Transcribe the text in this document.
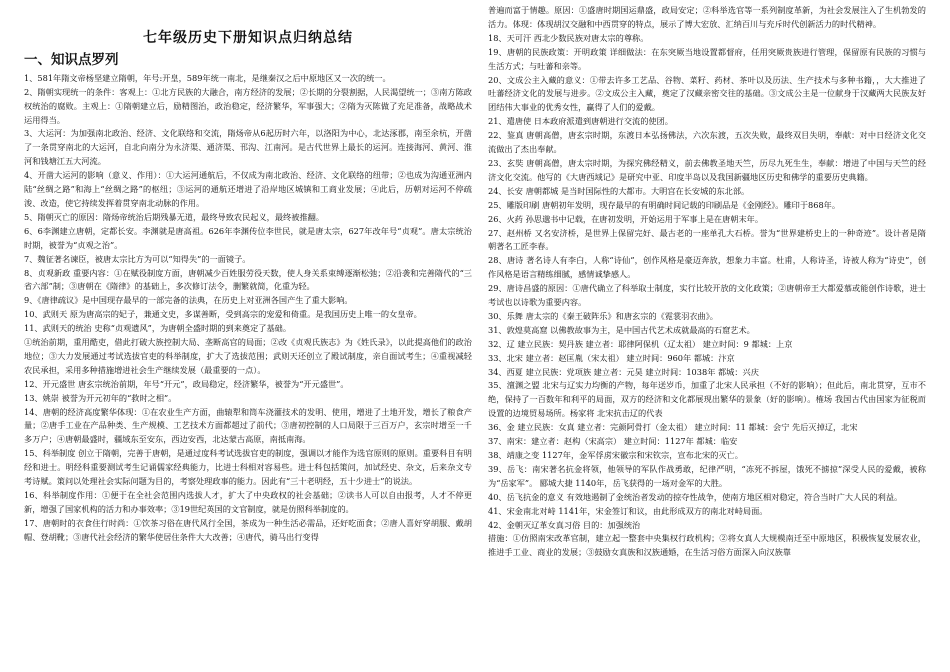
七年级历史下册知识点归纳总结
一、知识点罗列

1、581年隋文帝杨坚建立隋朝，年号:开皇，589年统一南北，是继秦汉之后中原地区又一次的统一。

2、隋朝实现统一的条件：客观上：①北方民族的大融合，南方经济的发展；②长期的分裂割据，人民渴望统一；③南方陈政权统治的腐败。主观上：①隋朝建立后，励精图治，政治稳定，经济繁华，军事强大；②隋为灭陈做了充足准备，战略战术运用得当。

3、大运河：为加强南北政治、经济、文化联络和交流，隋炀帝从6起历时六年，以洛阳为中心，北达涿郡，南至余杭，开凿了一条贯穿南北的大运河，自北向南分为永济渠、通济渠、邗沟、江南河。是古代世界上最长的运河。连接海河、黄河、淮河和钱塘江五大河流。

4、开凿大运河的影响（意义、作用）：①大运河通航后，不仅成为南北政治、经济、文化联络的纽带；②也成为沟通亚洲内陆“丝绸之路”和海上“丝绸之路”的枢纽；③运河的通航还增进了沿岸地区城镇和工商业发展；④此后，历朝对运河不停疏浚、改造，使它持续发挥着贯穿南北动脉的作用。

5、隋朝灭亡的原因：隋炀帝统治后期残暴无道，最终导致农民起义，最终被推翻。

6、6李渊建立唐朝，定都长安。李渊就是唐高祖。626年李渊传位李世民，就是唐太宗，627年改年号“贞观”。唐太宗统治时期，被誉为“贞观之治”。

7、魏征著名谏臣，被唐太宗比方为可以“知得失”的一面镜子。

8、贞观新政 重要内容：①在赋役制度方面，唐朝减少百姓服劳役天数，使人身关系束缚逐渐松弛；②沿袭和完善隋代的“三省六部”制；③唐朝在《隋律》的基础上，多次修订法令，删繁就简，化重为轻。

9、《唐律疏议》是中国现存最早的一部完备的法典，在历史上对亚洲各国产生了重大影响。

10、武则天 原为唐高宗的妃子，兼通文史，多谋善断，受到高宗的宠爱和倚重。是我国历史上唯一的女皇帝。

11、武则天的统治 史称“贞观遗风”，为唐朝全盛时期的到来奠定了基础。

①统治前期，重用酷吏，借此打破大族控制大局、垄断高官的局面；②改《贞观氏族志》为《姓氏录》，以此提高他们的政治地位；③大力发展通过考试选拔官吏的科举制度，扩大了选拔范围；武则天还创立了殿试制度，亲自面试考生；④重视减轻农民承担，采用多种措施增进社会生产继续发展（最重要的一点）。

12、开元盛世 唐玄宗统治前期，年号“开元”，政局稳定，经济繁华，被誉为“开元盛世”。

13、姚崇 被誉为开元初年的“救时之相”。

14、唐朝的经济高度繁华体现：①在农业生产方面，曲辕犁和筒车浇灌技术的发明、使用，增进了土地开发，增长了粮食产量；②唐手工业在产品种类、生产规模、工艺技术方面都超过了前代；③唐初控制的人口局限于三百万户，玄宗时增至一千多万户；④唐朝最盛时，疆域东至安东，西边安西，北达蒙古高原，南抵南海。

15、科举制度 创立于隋朝，完善于唐朝，是通过度科考试选拔官吏的制度，强调以才能作为选官原则的原则。重要科目有明经和进士。明经科重要测试考生记诵儒家经典能力，比进士科相对容易些。进士科包括策问，加试经史、杂文，后来杂文专考诗赋。策问以处理社会实际问题为目的，考察处理政事的能力。因此有“三十老明经，五十少进士”的说法。

16、科举制度作用：①便于在全社会范围内选拔人才，扩大了中央政权的社会基础；②读书人可以自由报考，人才不停更新，增强了国家机构的活力和办事效率；③19世纪英国的文官制度，就是仿照科举制度的。

17、唐朝时的衣食住行时尚：①饮茶习俗在唐代风行全国，茶成为一种生活必需品，还好吃面食；②唐人喜好穿胡服、戴胡帽、登胡靴；③唐代社会经济的繁华使居住条件大大改善；④唐代，骑马出行变得

普遍而富于情趣。原因：①盛唐时期国运鼎盛，政局安定；②科举选官等一系列制度革新，为社会发展注入了生机勃发的活力。体现：体现胡汉交融和中西贯穿的特点，展示了博大宏放、汇纳百川与充斥时代创新活力的时代精神。

18、天可汗 西北少数民族对唐太宗的尊称。

19、唐朝的民族政策：开明政策 详细做法：在东突厥当地设置都督府，任用突厥贵族进行管理，保留原有民族的习惯与生活方式；与吐蕃和亲等。

20、文成公主入藏的意义：①带去许多工艺品、谷物、菜籽、药材、茶叶以及历法、生产技术与多种书籍，，大大推进了吐蕃经济文化的发展与进步。②文成公主入藏，奠定了汉藏亲密交往的基础。③文成公主是一位献身于汉藏两大民族友好团结伟大事业的优秀女性，赢得了人们的爱戴。

21、遣唐使 日本政府派遣到唐朝进行交流的使团。

22、鉴真 唐朝高僧，唐玄宗时期，东渡日本弘扬佛法，六次东渡，五次失败，最终双目失明，奉献：对中日经济文化交流做出了杰出奉献。

23、玄奘 唐朝高僧，唐太宗时期，为探究佛经精义，前去佛教圣地天竺，历尽九死生生，奉献：增进了中国与天竺的经济文化交流。他写的《大唐西域记》是研究中亚、印度半岛以及我国新疆地区历史和佛学的重要历史典籍。

24、长安 唐朝都城 是当时国际性的大都市。大明宫在长安城的东北部。

25、雕版印刷 唐朝初年发明，现存最早的有明确时间记载的印刷品是《金刚经》。雕印于868年。

26、火药 孙思邈书中记载，在唐初发明，开始运用于军事上是在唐朝末年。

27、赵州桥 又名安济桥，是世界上保留完好、最古老的一座单孔大石桥。誉为“世界建桥史上的一种奇迹”。设计者是隋朝著名工匠李春。

28、唐诗 著名诗人有李白，人称“诗仙”，创作风格是豪迈奔放，想象力丰富。杜甫，人称诗圣，诗被人称为“诗史”，创作风格是语言精练细腻，感情诚挚感人。

29、唐诗昌盛的原因：①唐代确立了科举取士制度，实行比较开放的文化政策；②唐朝帝王大都爱慕或能创作诗歌，进士考试也以诗歌为重要内容。

30、乐舞 唐太宗的《秦王破阵乐》和唐玄宗的《霓裳羽衣曲》。

31、敦煌莫高窟 以佛教故事为主，是中国古代艺术成就最高的石窟艺术。

32、辽 建立民族：契丹族 建立者：耶律阿保机（辽太祖） 建立时间：9 都城：上京

33、北宋 建立者：赵匡胤（宋太祖） 建立时间：960年 都城：汴京

34、西夏 建立民族：党项族 建立者：元昊 建立时间：1038年 都城：兴庆

35、澶渊之盟 北宋与辽实力均衡的产物，每年送岁币，加重了北宋人民承担（不好的影响）；但此后，南北贯穿，互市不绝，保持了一百数年和利平的局面，双方的经济和文化都展现出繁华的景象（好的影响）。榷场 我国古代由国家为征税而设置的边境贸易场所。杨家将 北宋抗击辽的代表

36、金 建立民族：女真 建立者：完颜阿骨打（金太祖） 建立时间：11 都城：会宁 先后灭掉辽，北宋

37、南宋：建立者：赵构（宋高宗） 建立时间：1127年 都城：临安

38、靖康之变 1127年，金军俘虏宋徽宗和宋钦宗，宣布北宋的灭亡。

39、岳飞：南宋著名抗金将领，他领导的军队作战勇敢，纪律严明，“冻死不拆屋，饿死不掳掠”深受人民的爱戴，被称为“岳家军”。 郾城大捷 1140年，岳飞获得的一场对金军的大胜。

40、岳飞抗金的意义 有效地遏制了金统治者发动的掠夺性战争，使南方地区相对稳定，符合当时广大人民的利益。

41、宋金南北对峙 1141年，宋金签订和议，由此形成双方的南北对峙局面。

42、金朝灭辽革女真习俗 目的：加强统治

措施：①仿照南宋改革官制，建立起一整套中央集权行政机构；②将女真人大规模南迁至中原地区，积极恢复发展农业，推进手工业、商业的发展；③鼓励女真族和汉族通婚，在生活习俗方面深入向汉族靠
